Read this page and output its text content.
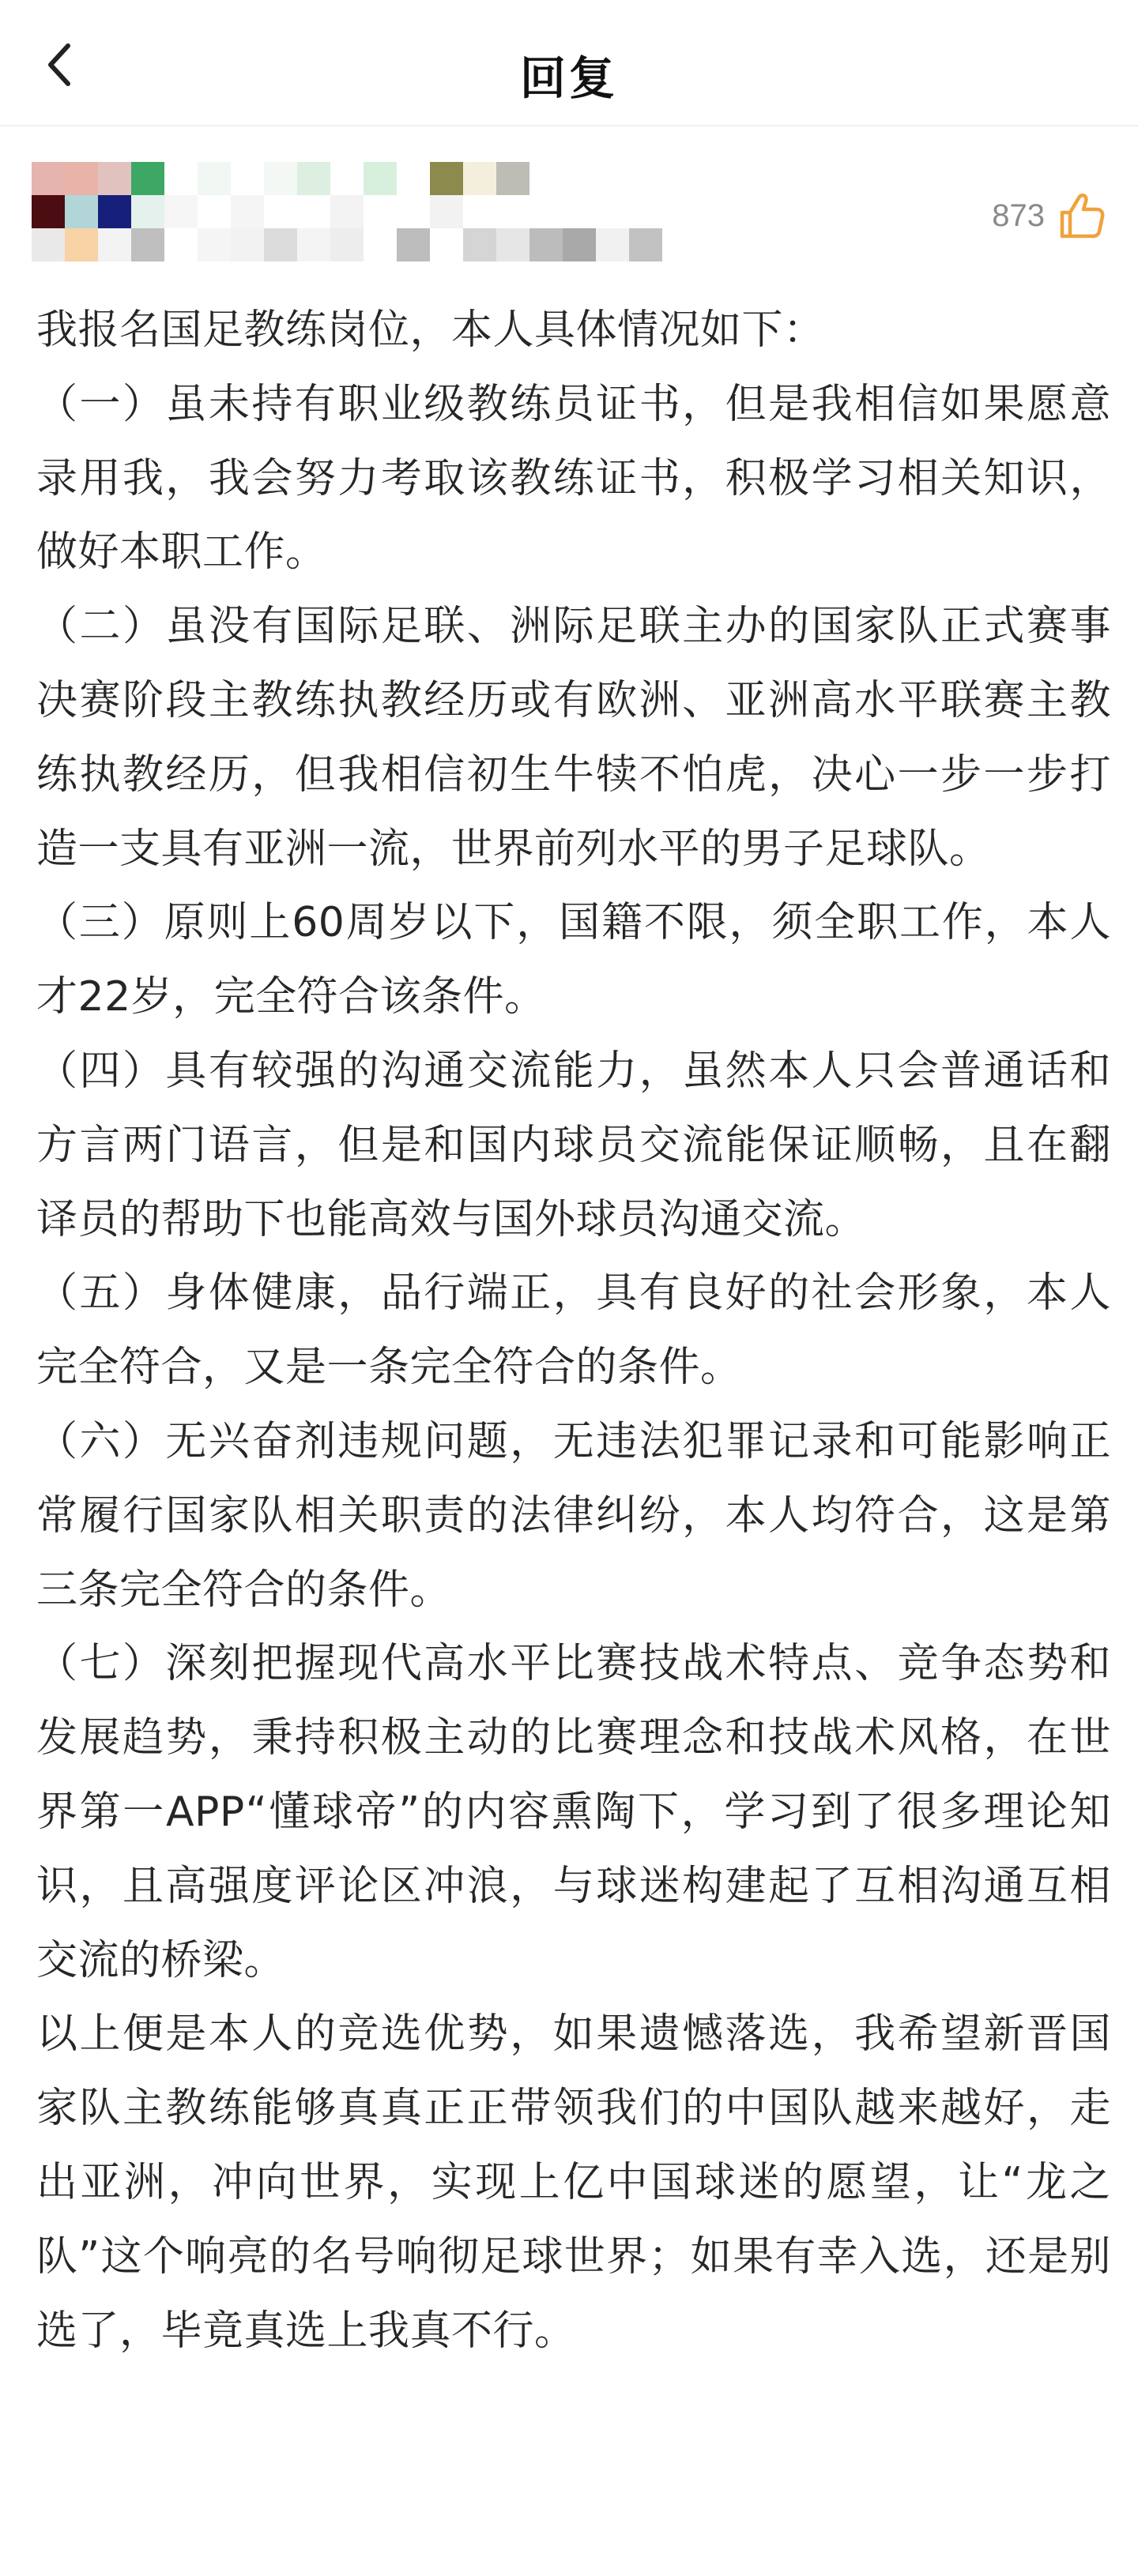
回复
873

我报名国足教练岗位，本人具体情况如下：

（一）虽未持有职业级教练员证书，但是我相信如果愿意录用我，我会努力考取该教练证书，积极学习相关知识，做好本职工作。

（二）虽没有国际足联、洲际足联主办的国家队正式赛事决赛阶段主教练执教经历或有欧洲、亚洲高水平联赛主教练执教经历，但我相信初生牛犊不怕虎，决心一步一步打造一支具有亚洲一流，世界前列水平的男子足球队。

（三）原则上60周岁以下，国籍不限，须全职工作，本人才22岁，完全符合该条件。

（四）具有较强的沟通交流能力，虽然本人只会普通话和方言两门语言，但是和国内球员交流能保证顺畅，且在翻译员的帮助下也能高效与国外球员沟通交流。

（五）身体健康，品行端正，具有良好的社会形象，本人完全符合，又是一条完全符合的条件。

（六）无兴奋剂违规问题，无违法犯罪记录和可能影响正常履行国家队相关职责的法律纠纷，本人均符合，这是第三条完全符合的条件。

（七）深刻把握现代高水平比赛技战术特点、竞争态势和发展趋势，秉持积极主动的比赛理念和技战术风格，在世界第一APP“懂球帝”的内容熏陶下，学习到了很多理论知识，且高强度评论区冲浪，与球迷构建起了互相沟通互相交流的桥梁。

以上便是本人的竞选优势，如果遗憾落选，我希望新晋国家队主教练能够真真正正带领我们的中国队越来越好，走出亚洲，冲向世界，实现上亿中国球迷的愿望，让“龙之队”这个响亮的名号响彻足球世界；如果有幸入选，还是别选了，毕竟真选上我真不行。
